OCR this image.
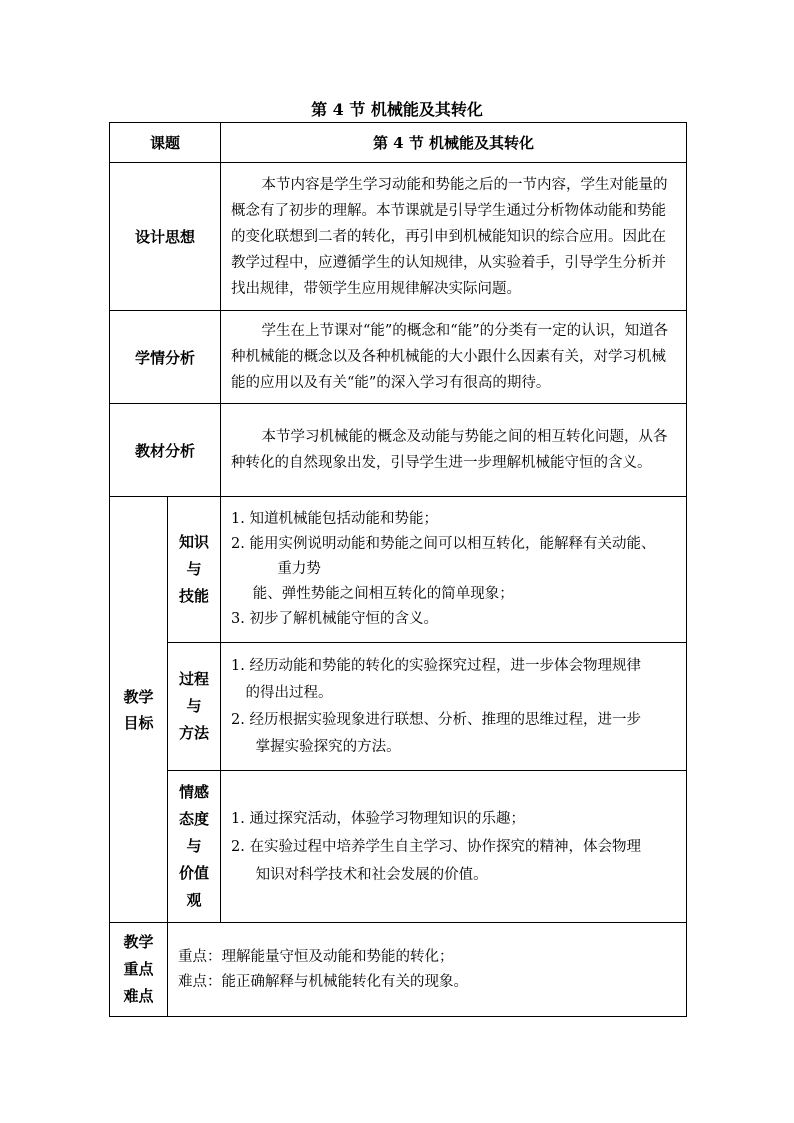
第 4 节 机械能及其转化
课题		第 4 节 机械能及其转化
设计思想		本节内容是学生学习动能和势能之后的一节内容，学生对能量的概念有了初步的理解。本节课就是引导学生通过分析物体动能和势能的变化联想到二者的转化，再引申到机械能知识的综合应用。因此在教学过程中，应遵循学生的认知规律，从实验着手，引导学生分析并找出规律，带领学生应用规律解决实际问题。
学情分析		学生在上节课对“能”的概念和“能”的分类有一定的认识，知道各种机械能的概念以及各种机械能的大小跟什么因素有关，对学习机械能的应用以及有关“能”的深入学习有很高的期待。
教材分析		本节学习机械能的概念及动能与势能之间的相互转化问题，从各种转化的自然现象出发，引导学生进一步理解机械能守恒的含义。

教学
目标	知识
与
技能	1. 知道机械能包括动能和势能；
2. 能用实例说明动能和势能之间可以相互转化，能解释有关动能、
重力势
能、弹性势能之间相互转化的简单现象；
3. 初步了解机械能守恒的含义。

	过程
与
方法	1. 经历动能和势能的转化的实验探究过程，进一步体会物理规律
的得出过程。
2. 经历根据实验现象进行联想、分析、推理的思维过程，进一步
掌握实验探究的方法。

	情感
态度
与
价值
观	1. 通过探究活动，体验学习物理知识的乐趣；
2. 在实验过程中培养学生自主学习、协作探究的精神，体会物理
知识对科学技术和社会发展的价值。

教学
重点
难点	重点：理解能量守恒及动能和势能的转化；
难点：能正确解释与机械能转化有关的现象。	
